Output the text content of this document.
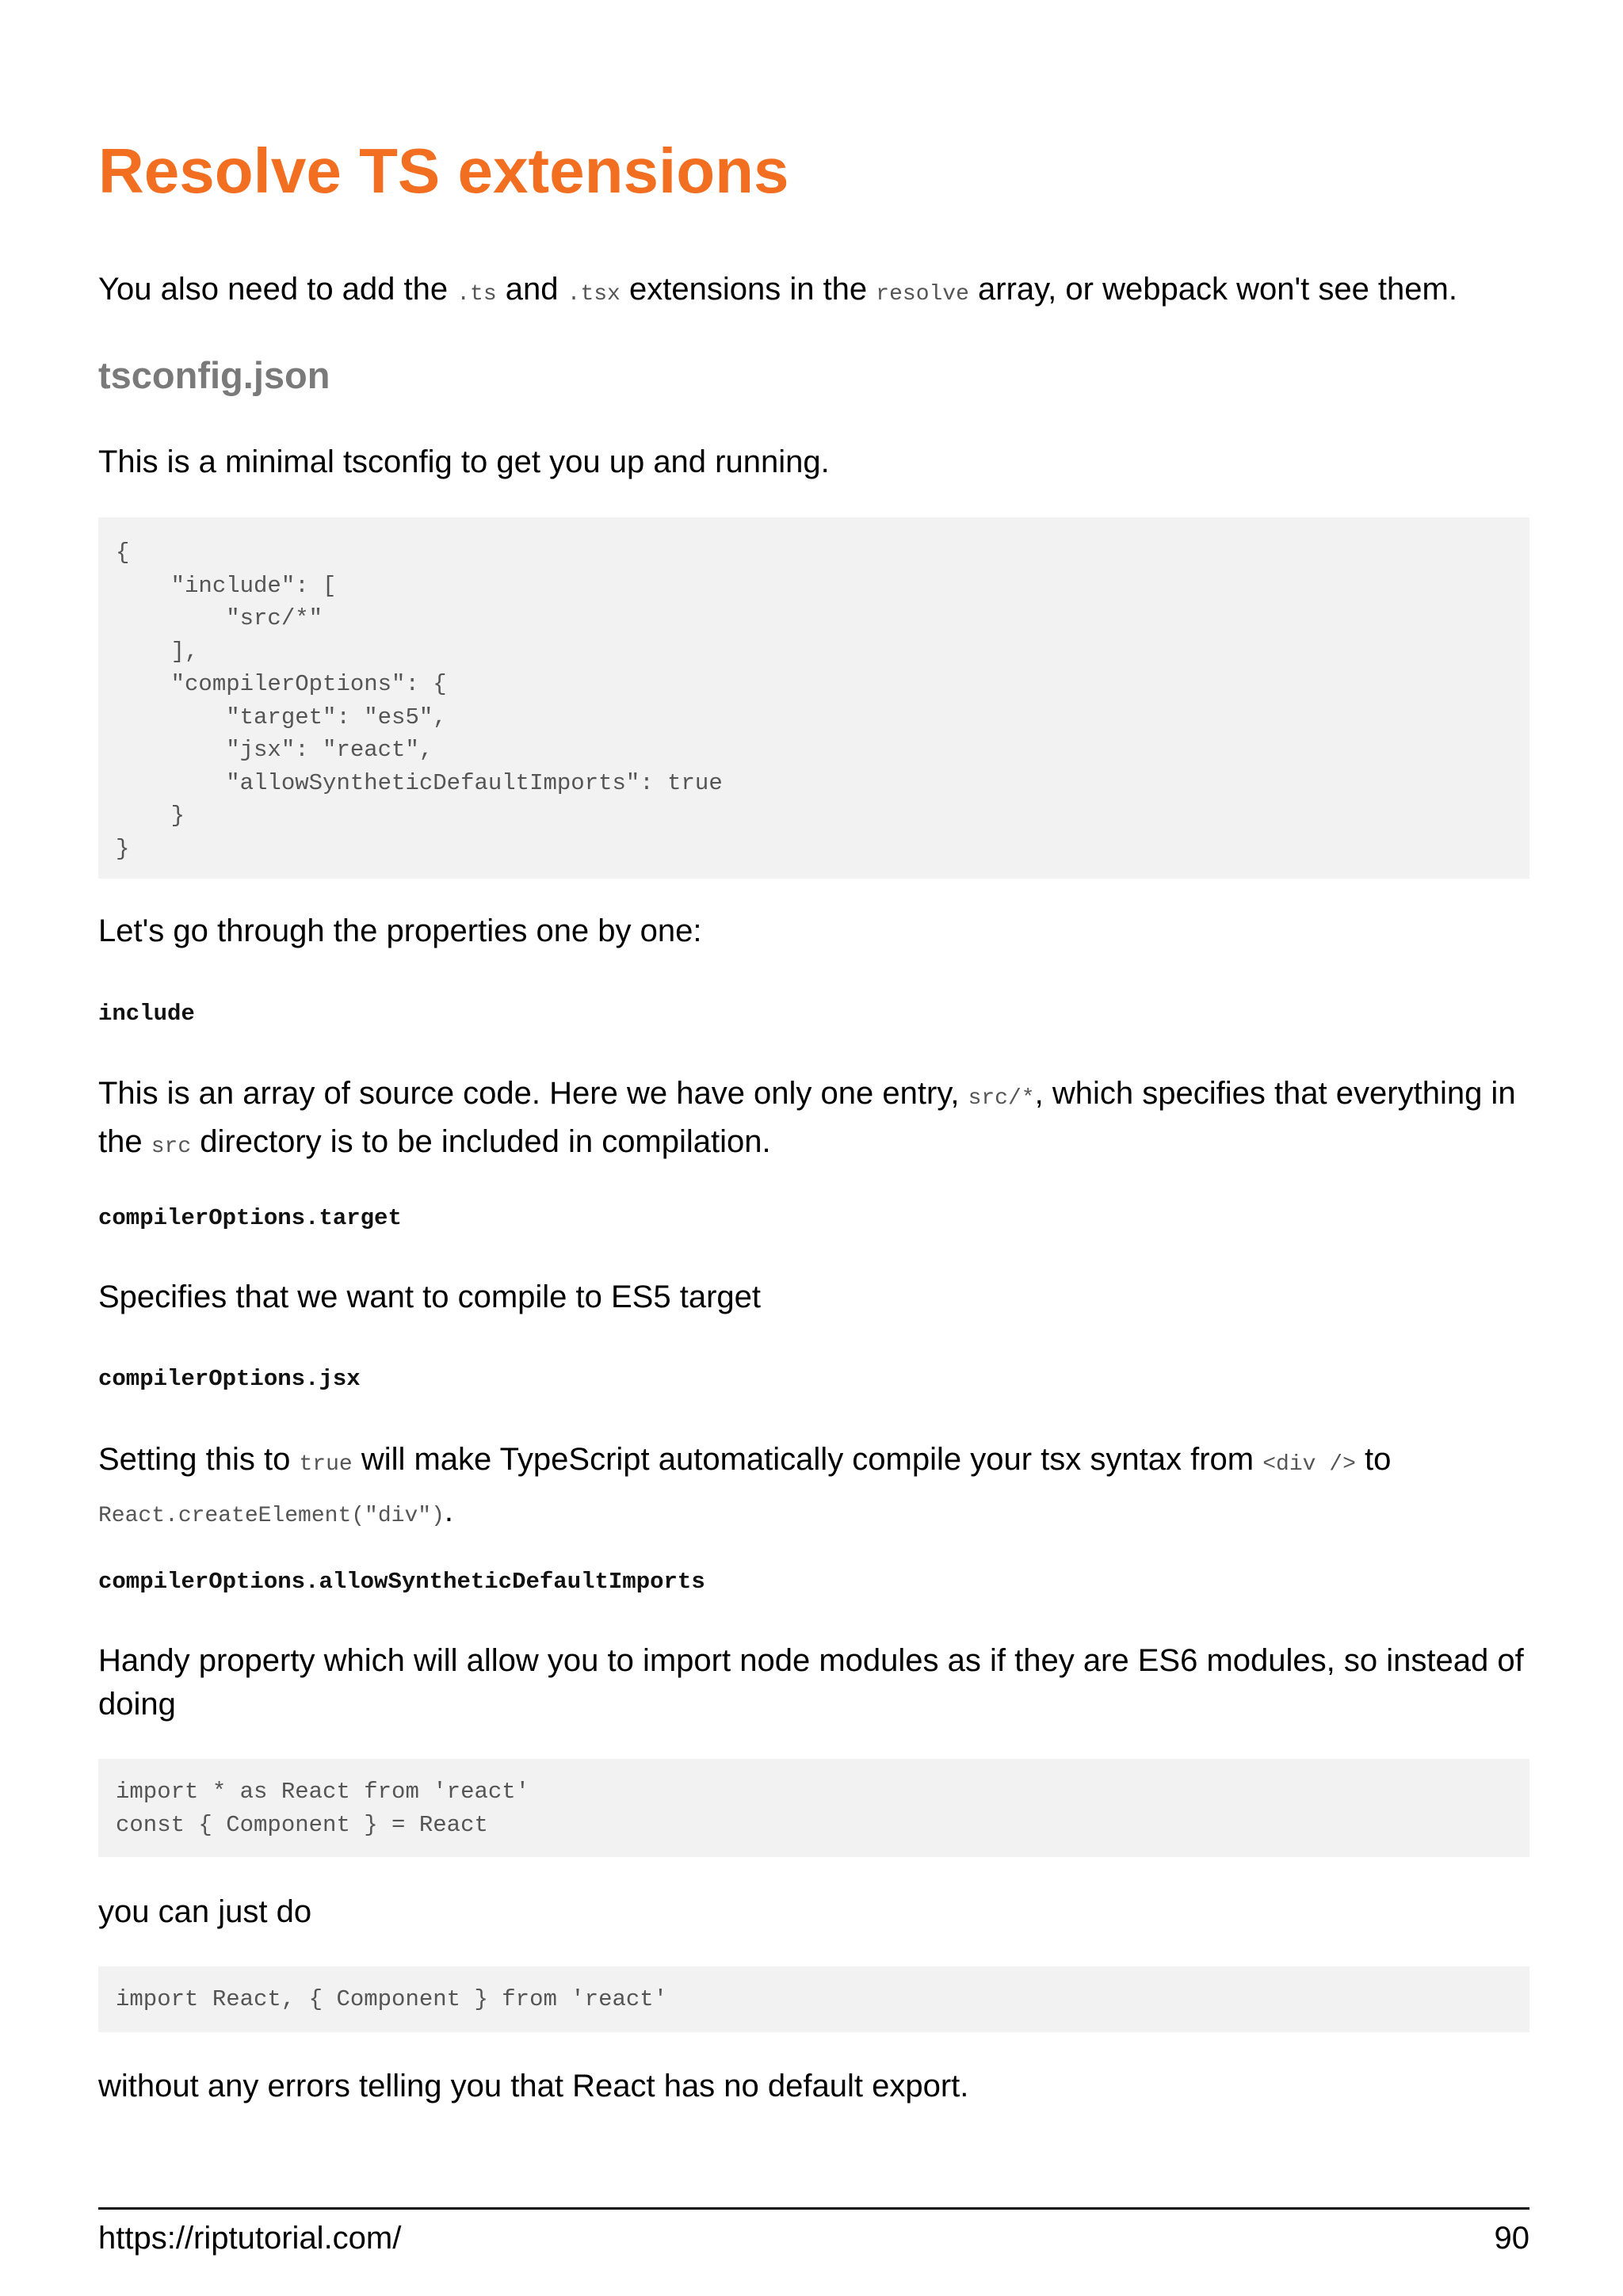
Resolve TS extensions

You also need to add the .ts and .tsx extensions in the resolve array, or webpack won't see them.

tsconfig.json

This is a minimal tsconfig to get you up and running.

{
"include": [
"src/*"
],
"compilerOptions": {
"target": "es5",
"jsx": "react",
"allowSyntheticDefaultImports": true
}
}

Let's go through the properties one by one:

include

This is an array of source code. Here we have only one entry, src/*, which specifies that everything in the src directory is to be included in compilation.

compilerOptions.target

Specifies that we want to compile to ES5 target

compilerOptions.jsx

Setting this to true will make TypeScript automatically compile your tsx syntax from <div /> to React.createElement("div").

compilerOptions.allowSyntheticDefaultImports

Handy property which will allow you to import node modules as if they are ES6 modules, so instead of doing

import * as React from 'react'
const { Component } = React

you can just do

import React, { Component } from 'react'

without any errors telling you that React has no default export.

https://riptutorial.com/	90
